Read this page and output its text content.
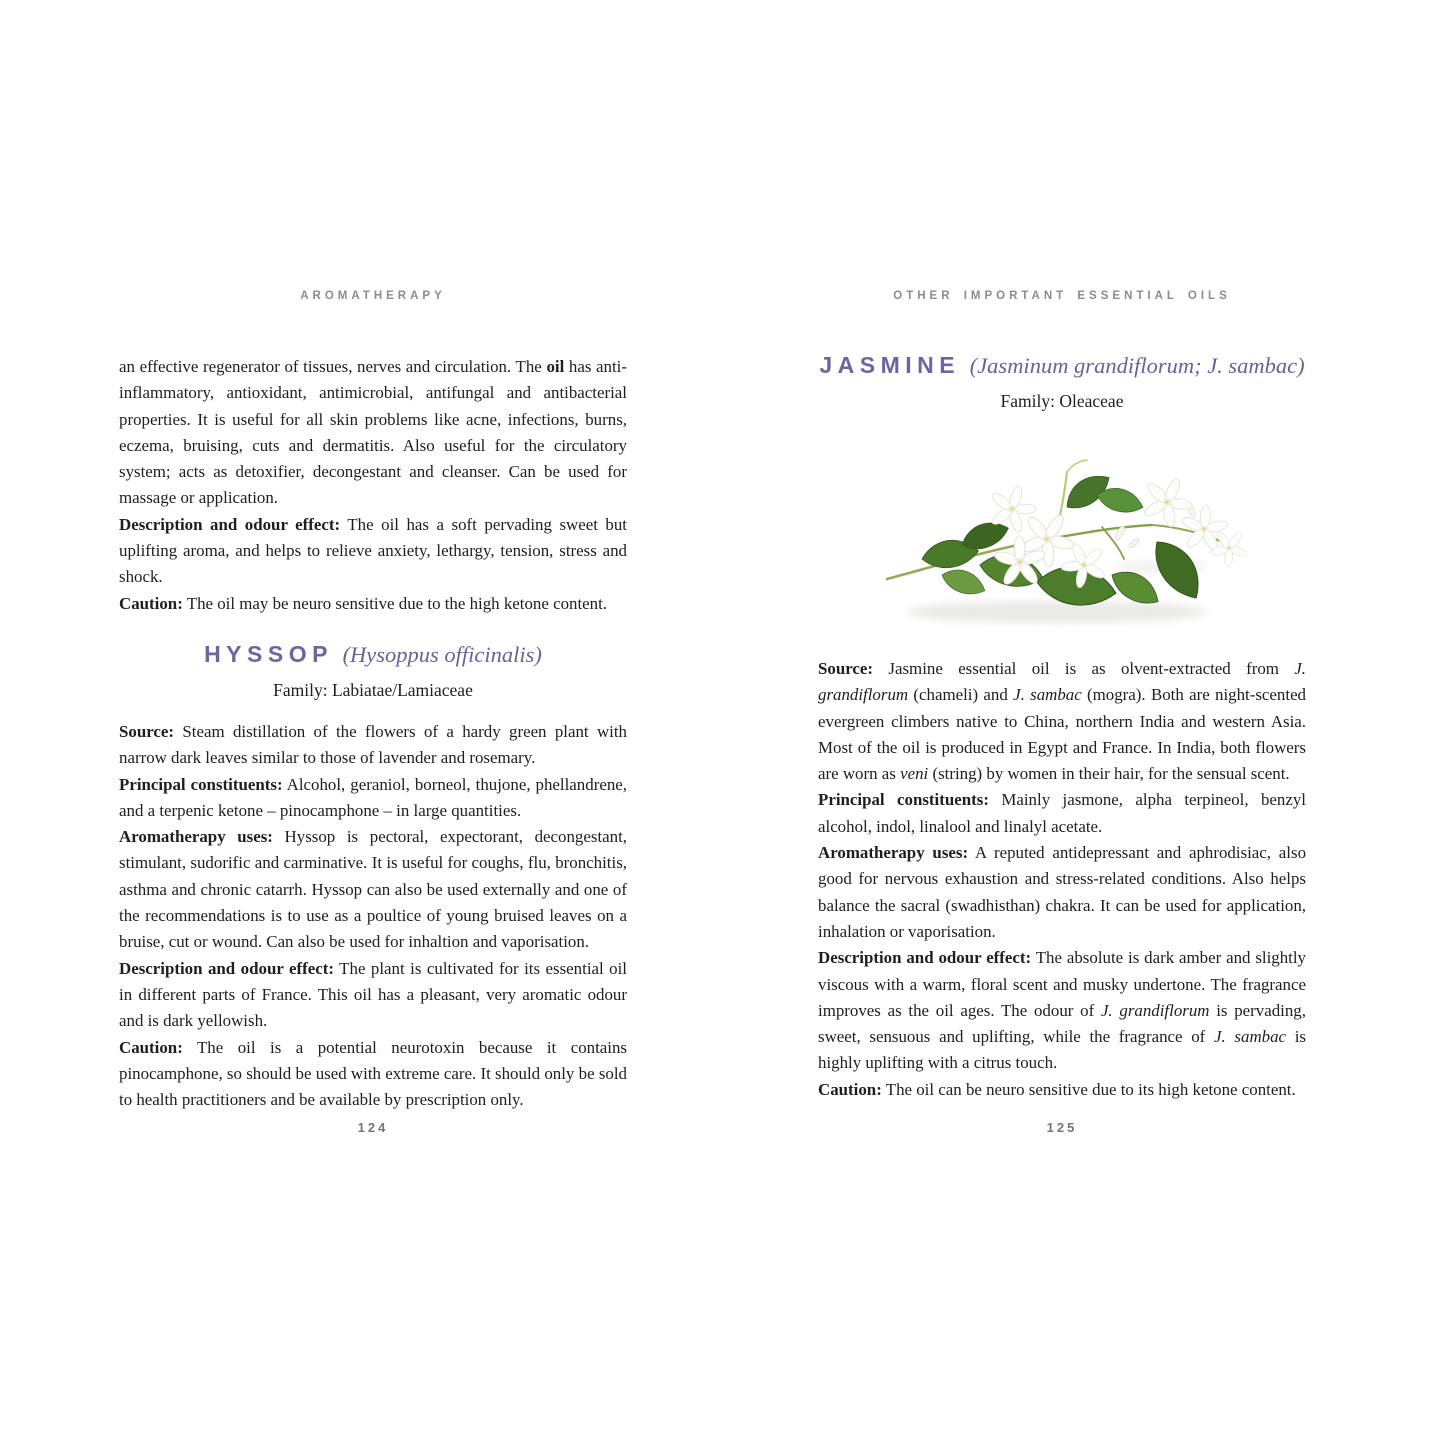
AROMATHERAPY

an effective regenerator of tissues, nerves and circulation. The oil has anti-inflammatory, antioxidant, antimicrobial, antifungal and antibacterial properties. It is useful for all skin problems like acne, infections, burns, eczema, bruising, cuts and dermatitis. Also useful for the circulatory system; acts as detoxifier, decongestant and cleanser. Can be used for massage or application.

Description and odour effect: The oil has a soft pervading sweet but uplifting aroma, and helps to relieve anxiety, lethargy, tension, stress and shock.

Caution: The oil may be neuro sensitive due to the high ketone content.

HYSSOP (Hysoppus officinalis)
Family: Labiatae/Lamiaceae

Source: Steam distillation of the flowers of a hardy green plant with narrow dark leaves similar to those of lavender and rosemary.

Principal constituents: Alcohol, geraniol, borneol, thujone, phellandrene, and a terpenic ketone – pinocamphone – in large quantities.

Aromatherapy uses: Hyssop is pectoral, expectorant, decongestant, stimulant, sudorific and carminative. It is useful for coughs, flu, bronchitis, asthma and chronic catarrh. Hyssop can also be used externally and one of the recommendations is to use as a poultice of young bruised leaves on a bruise, cut or wound. Can also be used for inhaltion and vaporisation.

Description and odour effect: The plant is cultivated for its essential oil in different parts of France. This oil has a pleasant, very aromatic odour and is dark yellowish.

Caution: The oil is a potential neurotoxin because it contains pinocamphone, so should be used with extreme care. It should only be sold to health practitioners and be available by prescription only.

124
OTHER IMPORTANT ESSENTIAL OILS
JASMINE (Jasminum grandiflorum; J. sambac)
Family: Oleaceae

Source: Jasmine essential oil is as olvent-extracted from J. grandiflorum (chameli) and J. sambac (mogra). Both are night-scented evergreen climbers native to China, northern India and western Asia. Most of the oil is produced in Egypt and France. In India, both flowers are worn as veni (string) by women in their hair, for the sensual scent.

Principal constituents: Mainly jasmone, alpha terpineol, benzyl alcohol, indol, linalool and linalyl acetate.

Aromatherapy uses: A reputed antidepressant and aphrodisiac, also good for nervous exhaustion and stress-related conditions. Also helps balance the sacral (swadhisthan) chakra. It can be used for application, inhalation or vaporisation.

Description and odour effect: The absolute is dark amber and slightly viscous with a warm, floral scent and musky undertone. The fragrance improves as the oil ages. The odour of J. grandiflorum is pervading, sweet, sensuous and uplifting, while the fragrance of J. sambac is highly uplifting with a citrus touch.

Caution: The oil can be neuro sensitive due to its high ketone content.

125
